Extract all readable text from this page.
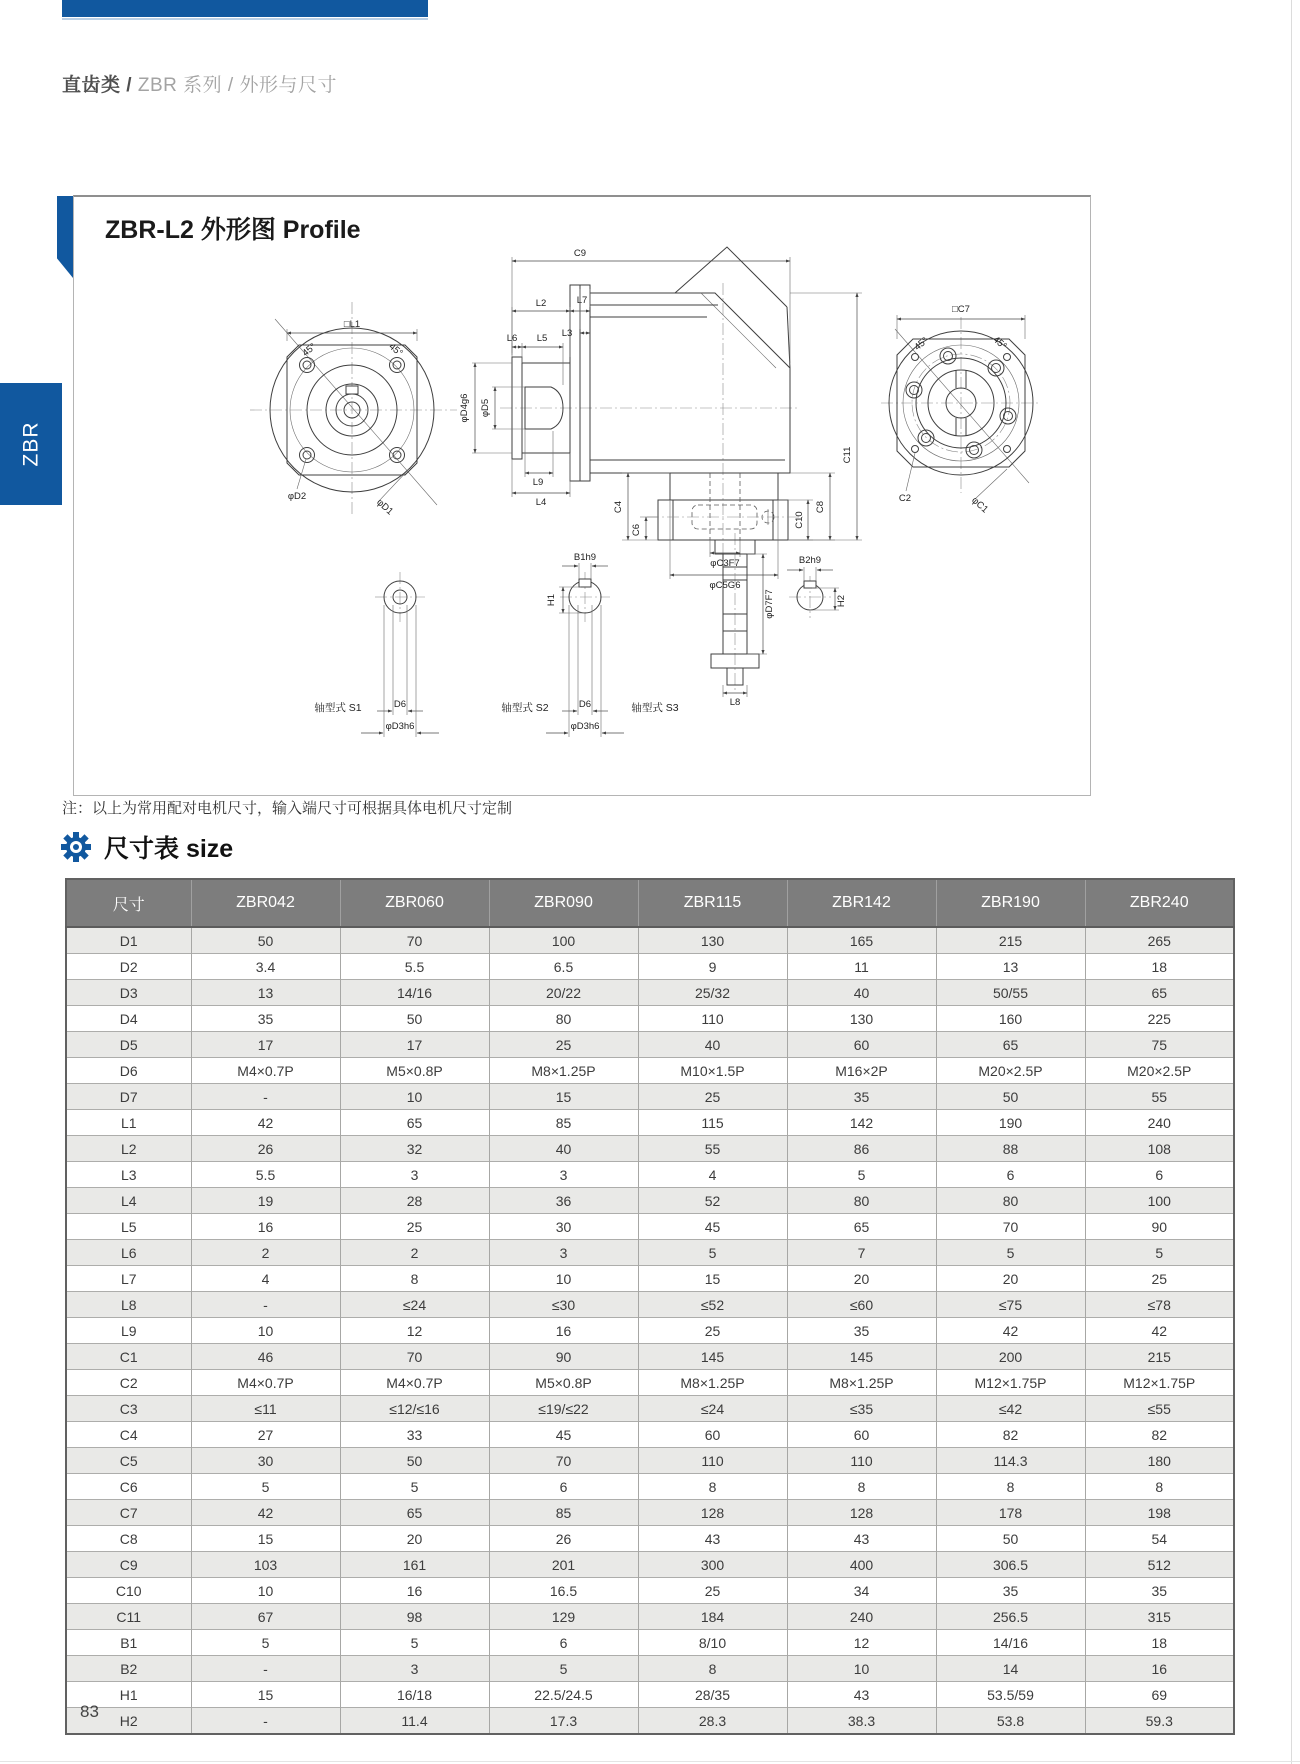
直齿类 / ZBR 系列 / 外形与尺寸
ZBR
ZBR-L2 外形图 Profile
□L1
45°	45°
φD2
φD1
C9
L2	L7
L3
L6 L5
φD4g6 φD5
L9
L4	C4
C6
φC3F7
φC5G6
C10
C8
C11
□C7
45°	45°
C2	φC1
轴型式 S1	D6
φD3h6
轴型式 S2
B1h9
H1
D6
φD3h6
轴型式 S3
φD7F7
L8
B2h9
H2
注：以上为常用配对电机尺寸，输入端尺寸可根据具体电机尺寸定制
尺寸表 size
尺寸	ZBR042	ZBR060	ZBR090	ZBR115	ZBR142	ZBR190	ZBR240
D1	50	70	100	130	165	215	265
D2	3.4	5.5	6.5	9	11	13	18
D3	13	14/16	20/22	25/32	40	50/55	65
D4	35	50	80	110	130	160	225
D5	17	17	25	40	60	65	75
D6	M4×0.7P	M5×0.8P	M8×1.25P	M10×1.5P	M16×2P	M20×2.5P	M20×2.5P
D7	-	10	15	25	35	50	55
L1	42	65	85	115	142	190	240
L2	26	32	40	55	86	88	108
L3	5.5	3	3	4	5	6	6
L4	19	28	36	52	80	80	100
L5	16	25	30	45	65	70	90
L6	2	2	3	5	7	5	5
L7	4	8	10	15	20	20	25
L8	-	≤24	≤30	≤52	≤60	≤75	≤78
L9	10	12	16	25	35	42	42
C1	46	70	90	145	145	200	215
C2	M4×0.7P	M4×0.7P	M5×0.8P	M8×1.25P	M8×1.25P	M12×1.75P	M12×1.75P
C3	≤11	≤12/≤16	≤19/≤22	≤24	≤35	≤42	≤55
C4	27	33	45	60	60	82	82
C5	30	50	70	110	110	114.3	180
C6	5	5	6	8	8	8	8
C7	42	65	85	128	128	178	198
C8	15	20	26	43	43	50	54
C9	103	161	201	300	400	306.5	512
C10	10	16	16.5	25	34	35	35
C11	67	98	129	184	240	256.5	315
B1	5	5	6	8/10	12	14/16	18
B2	-	3	5	8	10	14	16
H1	15	16/18	22.5/24.5	28/35	43	53.5/59	69
H2	-	11.4	17.3	28.3	38.3	53.8	59.3
83
